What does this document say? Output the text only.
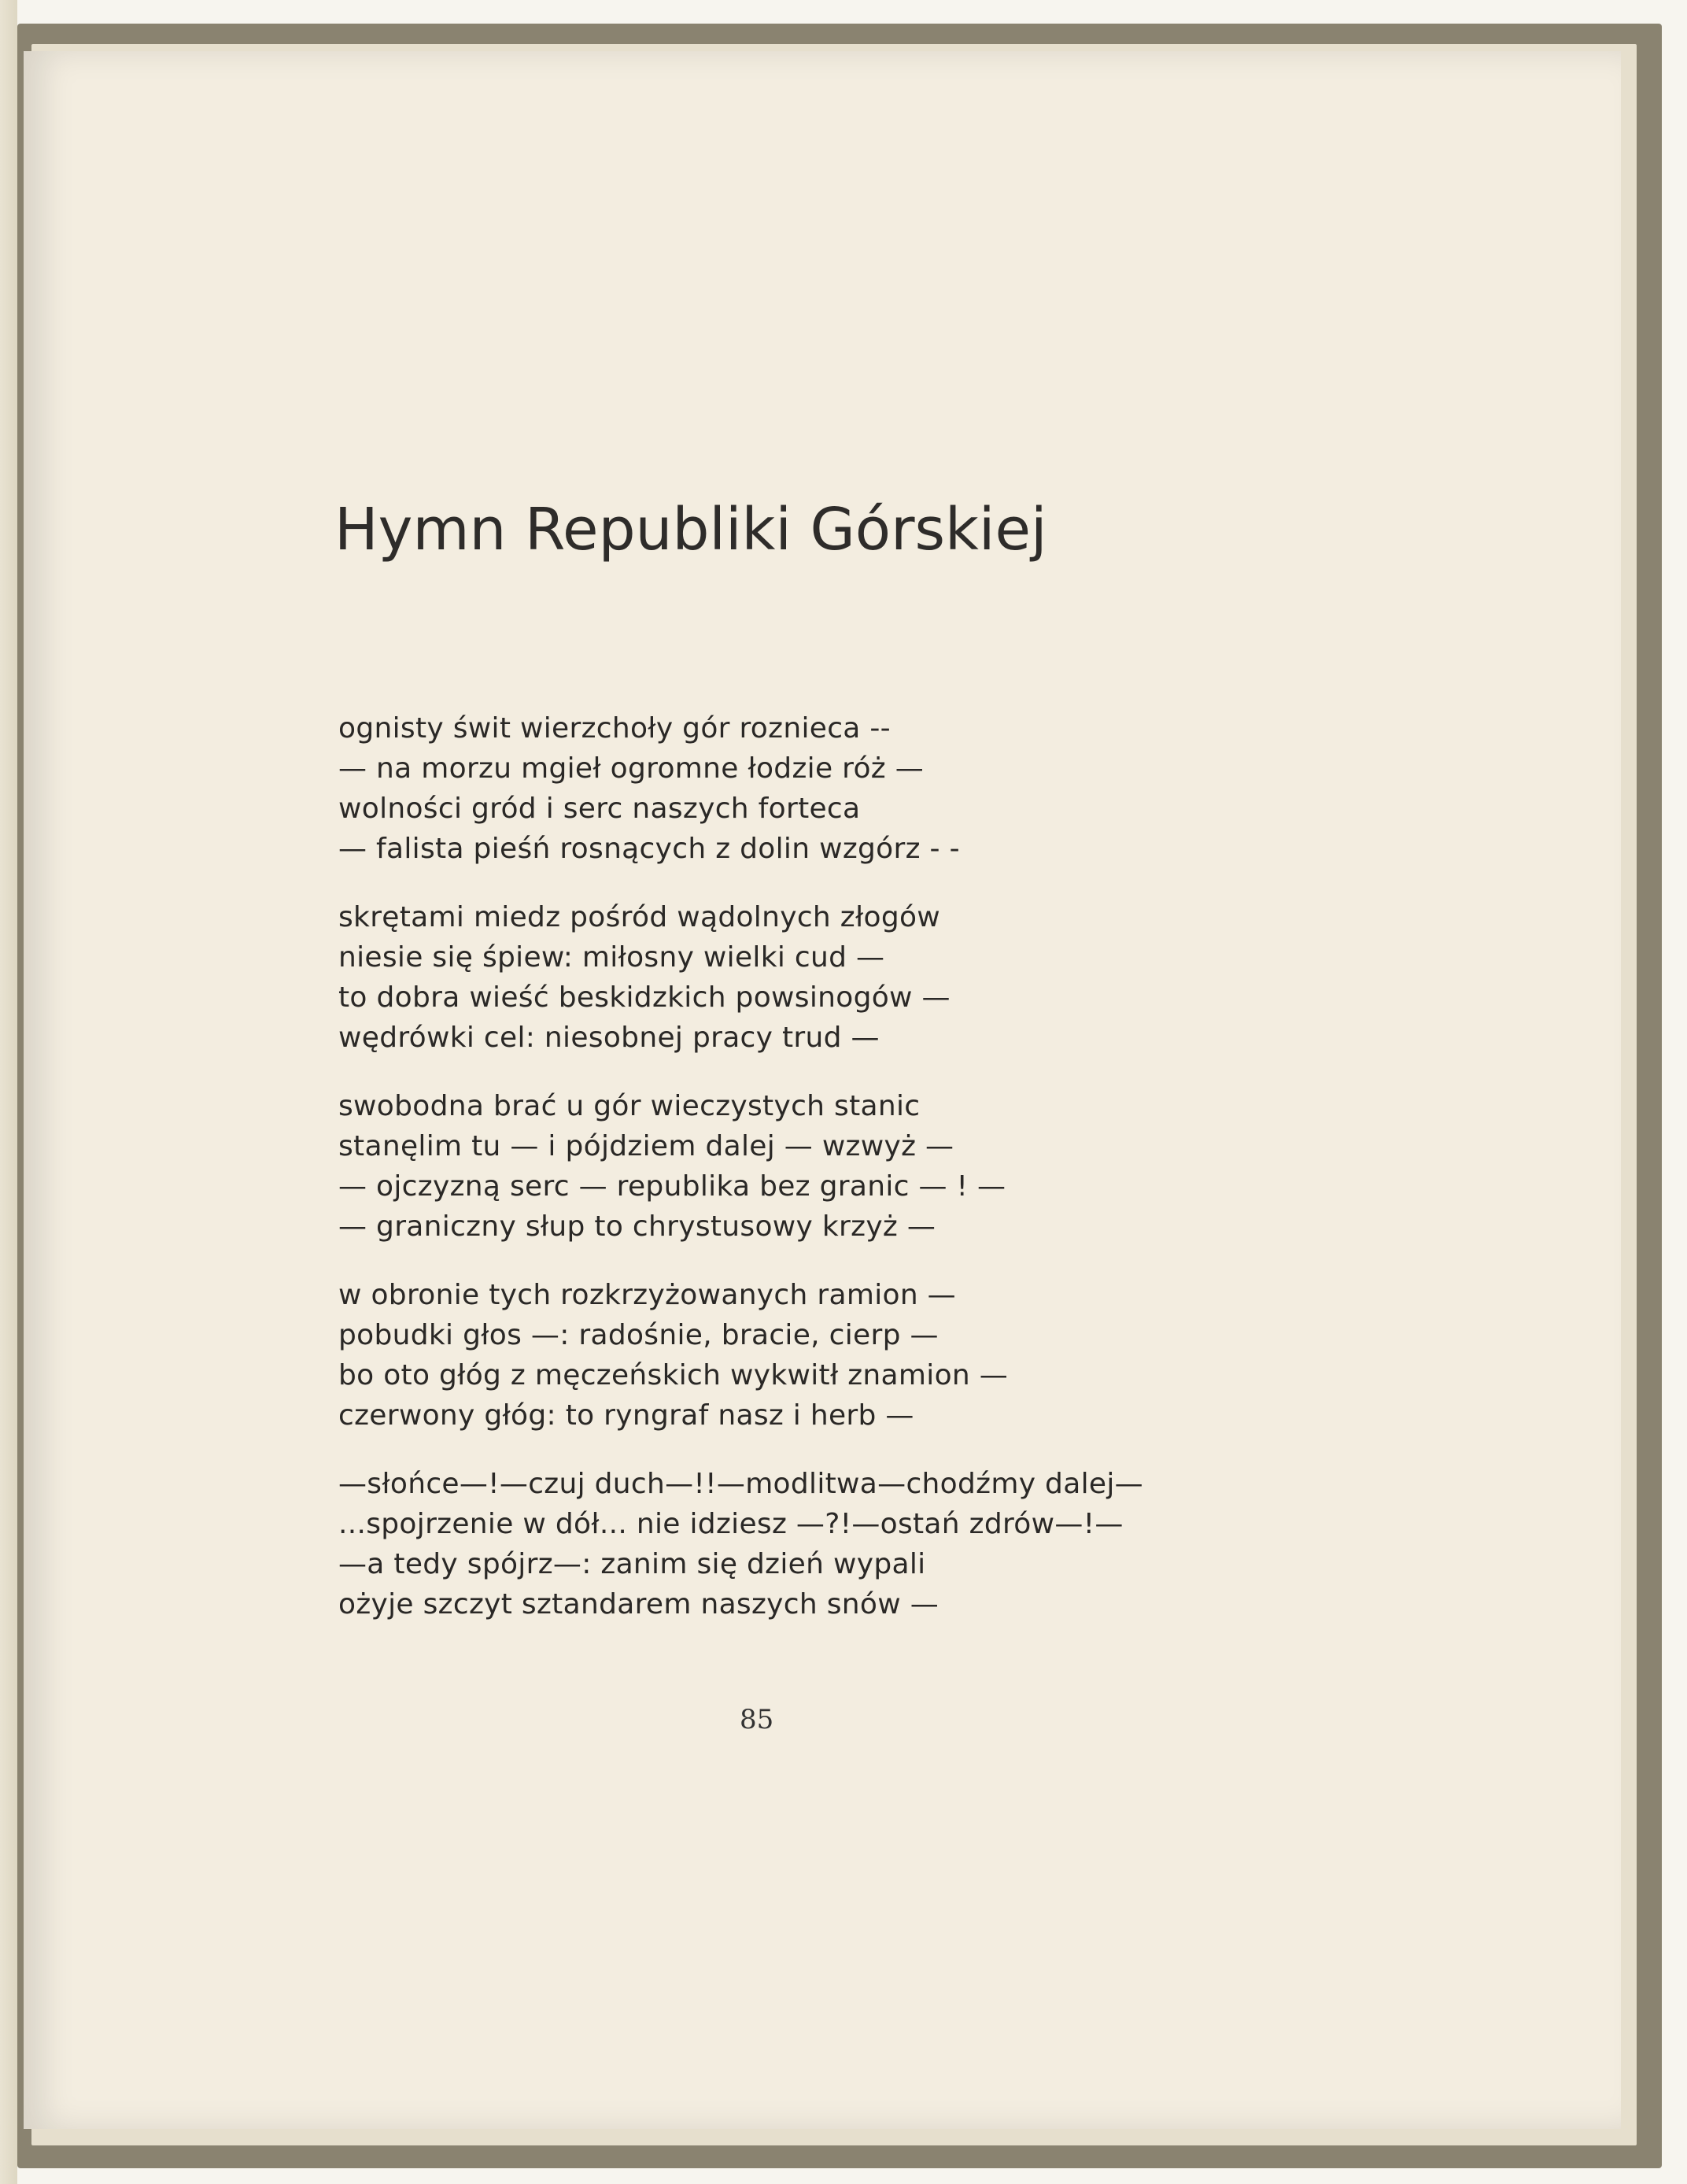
Hymn Republiki Górskiej
ognisty świt wierzchoły gór roznieca --
— na morzu mgieł ogromne łodzie róż —
wolności gród i serc naszych forteca
— falista pieśń rosnących z dolin wzgórz - -
skrętami miedz pośród wądolnych złogów
niesie się śpiew: miłosny wielki cud —
to dobra wieść beskidzkich powsinogów —
wędrówki cel: niesobnej pracy trud —
swobodna brać u gór wieczystych stanic
stanęlim tu — i pójdziem dalej — wzwyż —
— ojczyzną serc — republika bez granic — ! —
— graniczny słup to chrystusowy krzyż —
w obronie tych rozkrzyżowanych ramion —
pobudki głos —: radośnie, bracie, cierp —
bo oto głóg z męczeńskich wykwitł znamion —
czerwony głóg: to ryngraf nasz i herb —
—słońce—!—czuj duch—!!—modlitwa—chodźmy dalej—
...spojrzenie w dół... nie idziesz —?!—ostań zdrów—!—
—a tedy spójrz—: zanim się dzień wypali
ożyje szczyt sztandarem naszych snów —
85
